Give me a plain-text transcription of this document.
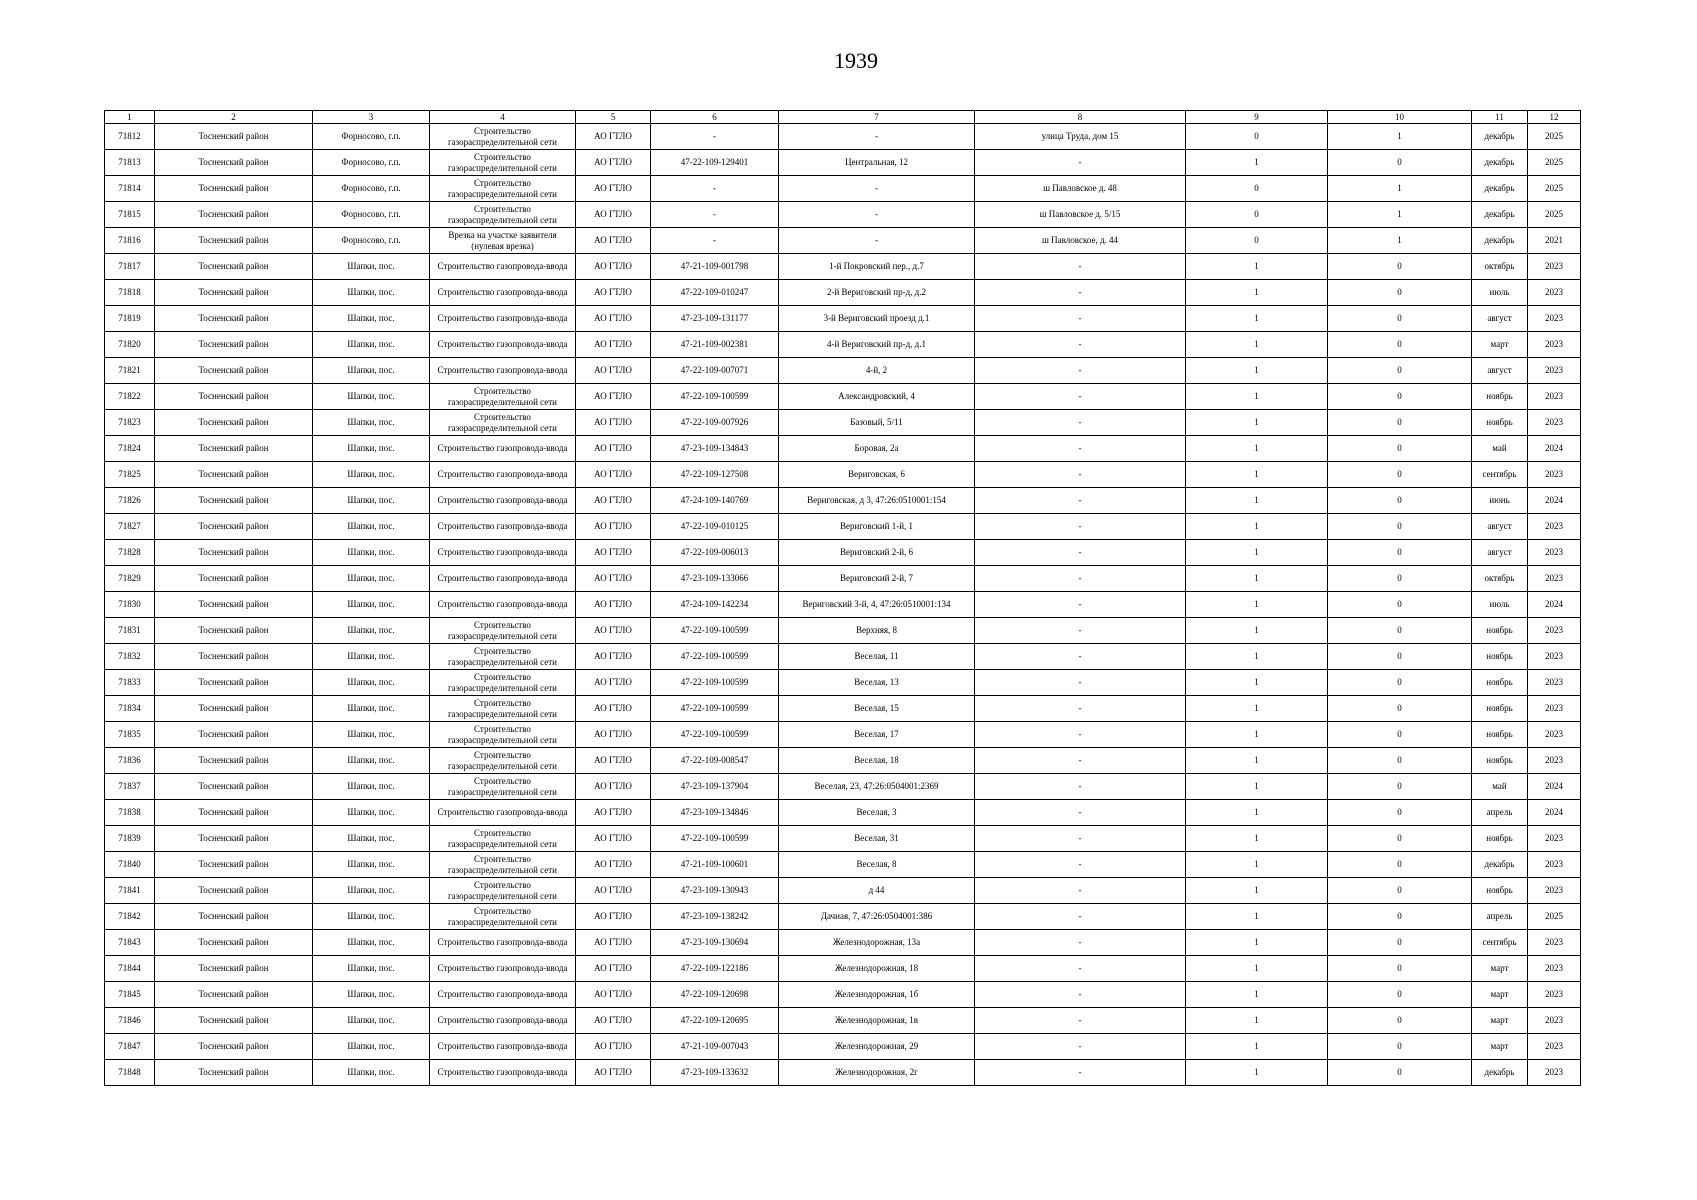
1939
1	2	3	4	5	6	7	8	9	10	11	12
71812	Тосненский район	Форносово, г.п.	Строительство газораспределительной сети	АО ГТЛО	-	-	улица Труда, дом 15	0	1	декабрь	2025
71813	Тосненский район	Форносово, г.п.	Строительство газораспределительной сети	АО ГТЛО	47-22-109-129401	Центральная, 12	-	1	0	декабрь	2025
71814	Тосненский район	Форносово, г.п.	Строительство газораспределительной сети	АО ГТЛО	-	-	ш Павловское д. 48	0	1	декабрь	2025
71815	Тосненский район	Форносово, г.п.	Строительство газораспределительной сети	АО ГТЛО	-	-	ш Павловское д. 5/15	0	1	декабрь	2025
71816	Тосненский район	Форносово, г.п.	Врезка на участке заявителя (нулевая врезка)	АО ГТЛО	-	-	ш Павловское, д. 44	0	1	декабрь	2021
71817	Тосненский район	Шапки, пос.	Строительство газопровода-ввода	АО ГТЛО	47-21-109-001798	1-й Покровский пер., д.7	-	1	0	октябрь	2023
71818	Тосненский район	Шапки, пос.	Строительство газопровода-ввода	АО ГТЛО	47-22-109-010247	2-й Вериговский пр-д, д.2	-	1	0	июль	2023
71819	Тосненский район	Шапки, пос.	Строительство газопровода-ввода	АО ГТЛО	47-23-109-131177	3-й Вериговский проезд д.1	-	1	0	август	2023
71820	Тосненский район	Шапки, пос.	Строительство газопровода-ввода	АО ГТЛО	47-21-109-002381	4-й Вериговский пр-д, д.1	-	1	0	март	2023
71821	Тосненский район	Шапки, пос.	Строительство газопровода-ввода	АО ГТЛО	47-22-109-007071	4-й, 2	-	1	0	август	2023
71822	Тосненский район	Шапки, пос.	Строительство газораспределительной сети	АО ГТЛО	47-22-109-100599	Александровский, 4	-	1	0	ноябрь	2023
71823	Тосненский район	Шапки, пос.	Строительство газораспределительной сети	АО ГТЛО	47-22-109-007926	Базовый, 5/11	-	1	0	ноябрь	2023
71824	Тосненский район	Шапки, пос.	Строительство газопровода-ввода	АО ГТЛО	47-23-109-134843	Боровая, 2а	-	1	0	май	2024
71825	Тосненский район	Шапки, пос.	Строительство газопровода-ввода	АО ГТЛО	47-22-109-127508	Вериговская, 6	-	1	0	сентябрь	2023
71826	Тосненский район	Шапки, пос.	Строительство газопровода-ввода	АО ГТЛО	47-24-109-140769	Вериговская, д 3, 47:26:0510001:154	-	1	0	июнь	2024
71827	Тосненский район	Шапки, пос.	Строительство газопровода-ввода	АО ГТЛО	47-22-109-010125	Вериговский 1-й, 1	-	1	0	август	2023
71828	Тосненский район	Шапки, пос.	Строительство газопровода-ввода	АО ГТЛО	47-22-109-006013	Вериговский 2-й, 6	-	1	0	август	2023
71829	Тосненский район	Шапки, пос.	Строительство газопровода-ввода	АО ГТЛО	47-23-109-133066	Вериговский 2-й, 7	-	1	0	октябрь	2023
71830	Тосненский район	Шапки, пос.	Строительство газопровода-ввода	АО ГТЛО	47-24-109-142234	Вериговский 3-й, 4, 47:26:0510001:134	-	1	0	июль	2024
71831	Тосненский район	Шапки, пос.	Строительство газораспределительной сети	АО ГТЛО	47-22-109-100599	Верхняя, 8	-	1	0	ноябрь	2023
71832	Тосненский район	Шапки, пос.	Строительство газораспределительной сети	АО ГТЛО	47-22-109-100599	Веселая, 11	-	1	0	ноябрь	2023
71833	Тосненский район	Шапки, пос.	Строительство газораспределительной сети	АО ГТЛО	47-22-109-100599	Веселая, 13	-	1	0	ноябрь	2023
71834	Тосненский район	Шапки, пос.	Строительство газораспределительной сети	АО ГТЛО	47-22-109-100599	Веселая, 15	-	1	0	ноябрь	2023
71835	Тосненский район	Шапки, пос.	Строительство газораспределительной сети	АО ГТЛО	47-22-109-100599	Веселая, 17	-	1	0	ноябрь	2023
71836	Тосненский район	Шапки, пос.	Строительство газораспределительной сети	АО ГТЛО	47-22-109-008547	Веселая, 18	-	1	0	ноябрь	2023
71837	Тосненский район	Шапки, пос.	Строительство газораспределительной сети	АО ГТЛО	47-23-109-137904	Веселая, 23, 47:26:0504001:2369	-	1	0	май	2024
71838	Тосненский район	Шапки, пос.	Строительство газопровода-ввода	АО ГТЛО	47-23-109-134846	Веселая, 3	-	1	0	апрель	2024
71839	Тосненский район	Шапки, пос.	Строительство газораспределительной сети	АО ГТЛО	47-22-109-100599	Веселая, 31	-	1	0	ноябрь	2023
71840	Тосненский район	Шапки, пос.	Строительство газораспределительной сети	АО ГТЛО	47-21-109-100601	Веселая, 8	-	1	0	декабрь	2023
71841	Тосненский район	Шапки, пос.	Строительство газораспределительной сети	АО ГТЛО	47-23-109-130943	д 44	-	1	0	ноябрь	2023
71842	Тосненский район	Шапки, пос.	Строительство газораспределительной сети	АО ГТЛО	47-23-109-138242	Дачная, 7, 47:26:0504001:386	-	1	0	апрель	2025
71843	Тосненский район	Шапки, пос.	Строительство газопровода-ввода	АО ГТЛО	47-23-109-130694	Железнодорожная, 13а	-	1	0	сентябрь	2023
71844	Тосненский район	Шапки, пос.	Строительство газопровода-ввода	АО ГТЛО	47-22-109-122186	Железнодорожная, 18	-	1	0	март	2023
71845	Тосненский район	Шапки, пос.	Строительство газопровода-ввода	АО ГТЛО	47-22-109-120698	Железнодорожная, 1б	-	1	0	март	2023
71846	Тосненский район	Шапки, пос.	Строительство газопровода-ввода	АО ГТЛО	47-22-109-120695	Железнодорожная, 1в	-	1	0	март	2023
71847	Тосненский район	Шапки, пос.	Строительство газопровода-ввода	АО ГТЛО	47-21-109-007043	Железнодорожная, 29	-	1	0	март	2023
71848	Тосненский район	Шапки, пос.	Строительство газопровода-ввода	АО ГТЛО	47-23-109-133632	Железнодорожная, 2г	-	1	0	декабрь	2023
